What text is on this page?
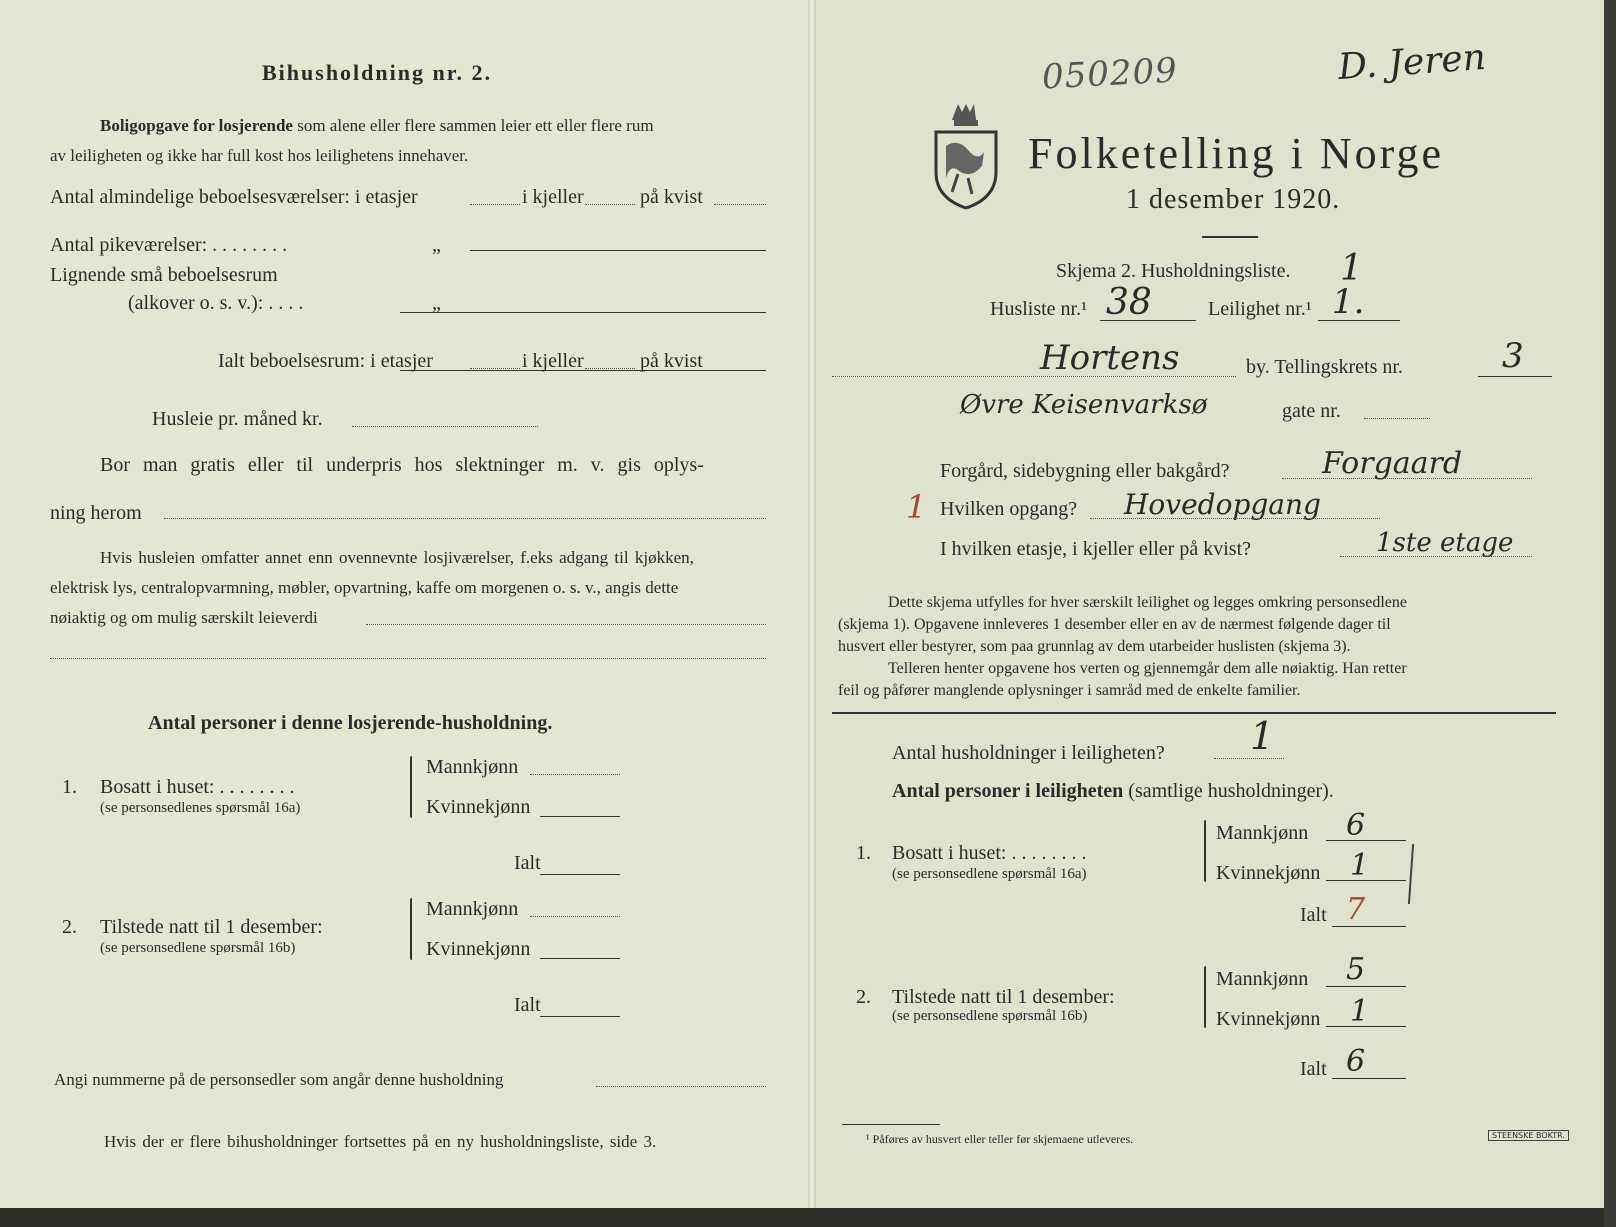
Bihusholdning nr. 2.
Boligopgave for losjerende som alene eller flere sammen leier ett eller flere rum
av leiligheten og ikke har full kost hos leilighetens innehaver.
Antal almindelige beboelsesværelser: i etasjer	i kjeller	på kvist
Antal pikeværelser: . . . . . . . .	„
Lignende små beboelsesrum
(alkover o. s. v.): . . . .	„
Ialt beboelsesrum: i etasjer	i kjeller	på kvist
Husleie pr. måned kr.
Bor man gratis eller til underpris hos slektninger m. v. gis oplys-
ning herom
Hvis husleien omfatter annet enn ovennevnte losjiværelser, f.eks adgang til kjøkken,
elektrisk lys, centralopvarmning, møbler, opvartning, kaffe om morgenen o. s. v., angis dette
nøiaktig og om mulig særskilt leieverdi
Antal personer i denne losjerende-husholdning.
1. Bosatt i huset: . . . . . . . .
(se personsedlenes spørsmål 16a)
Mannkjønn
Kvinnekjønn
Ialt
2. Tilstede natt til 1 desember:
(se personsedlene spørsmål 16b)
Mannkjønn
Kvinnekjønn
Ialt
Angi nummerne på de personsedler som angår denne husholdning
Hvis der er flere bihusholdninger fortsettes på en ny husholdningsliste, side 3.
050209	D. Jeren
Folketelling i Norge
1 desember 1920.
Skjema 2. Husholdningsliste. 1
Husliste nr.¹ 38	Leilighet nr.¹ 1.
Hortens	by. Tellingskrets nr.	3
Øvre Keisenvarksø	gate nr.
Forgård, sidebygning eller bakgård?	Forgaard
1 Hvilken opgang? Hovedopgang
I hvilken etasje, i kjeller eller på kvist?	1ste etage
Dette skjema utfylles for hver særskilt leilighet og legges omkring personsedlene
(skjema 1). Opgavene innleveres 1 desember eller en av de nærmest følgende dager til
husvert eller bestyrer, som paa grunnlag av dem utarbeider huslisten (skjema 3).
Telleren henter opgavene hos verten og gjennemgår dem alle nøiaktig. Han retter
feil og påfører manglende oplysninger i samråd med de enkelte familier.
Antal husholdninger i leiligheten? 1
Antal personer i leiligheten (samtlige husholdninger).
1. Bosatt i huset: . . . . . . . .
(se personsedlene spørsmål 16a)
Mannkjønn 6
Kvinnekjønn 1
Ialt 7
2. Tilstede natt til 1 desember:
(se personsedlene spørsmål 16b)
Mannkjønn 5
Kvinnekjønn 1
Ialt 6
¹ Påføres av husvert eller teller før skjemaene utleveres.	STEENSKE BOKTR.
